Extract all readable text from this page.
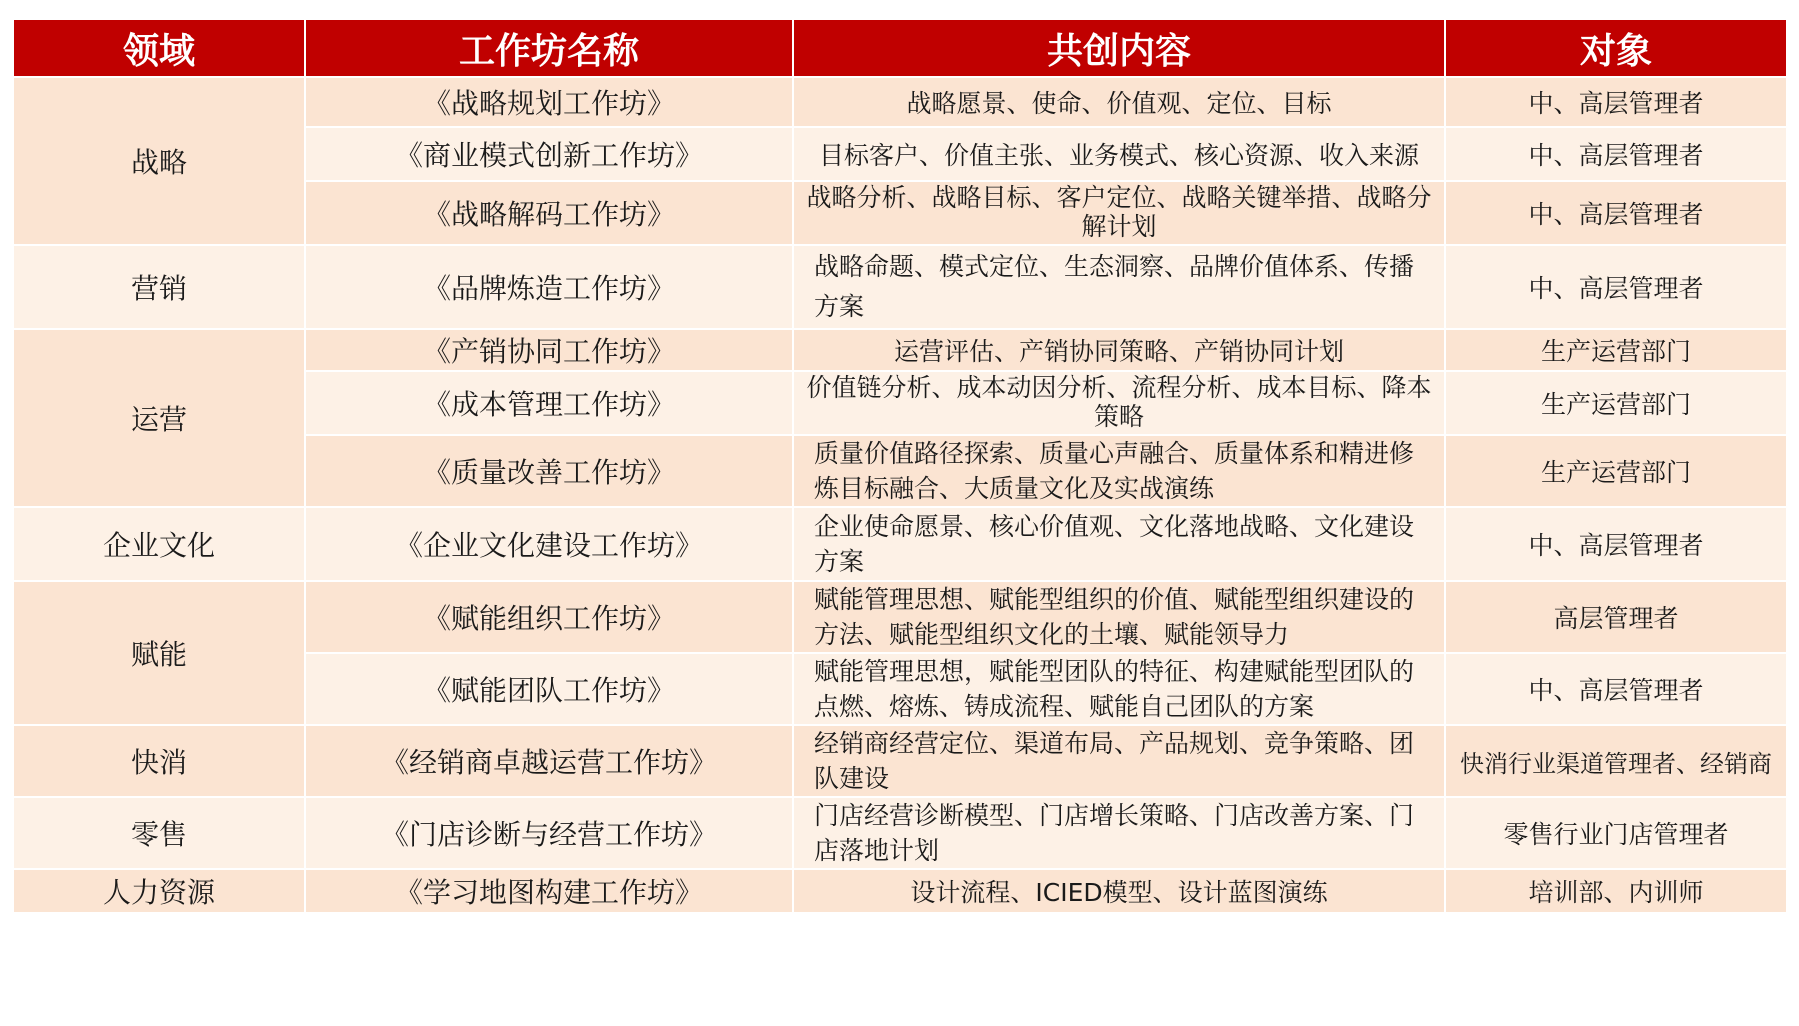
领域	工作坊名称	共创内容	对象
战略	《战略规划工作坊》	战略愿景、使命、价值观、定位、目标	中、高层管理者
	《商业模式创新工作坊》	目标客户、价值主张、业务模式、核心资源、收入来源	中、高层管理者
	《战略解码工作坊》	战略分析、战略目标、客户定位、战略关键举措、战略分解计划	中、高层管理者
营销	《品牌炼造工作坊》	战略命题、模式定位、生态洞察、品牌价值体系、传播方案	中、高层管理者
运营	《产销协同工作坊》	运营评估、产销协同策略、产销协同计划	生产运营部门
	《成本管理工作坊》	价值链分析、成本动因分析、流程分析、成本目标、降本策略	生产运营部门
	《质量改善工作坊》	质量价值路径探索、质量心声融合、质量体系和精进修炼目标融合、大质量文化及实战演练	生产运营部门
企业文化	《企业文化建设工作坊》	企业使命愿景、核心价值观、文化落地战略、文化建设方案	中、高层管理者
赋能	《赋能组织工作坊》	赋能管理思想、赋能型组织的价值、赋能型组织建设的方法、赋能型组织文化的土壤、赋能领导力	高层管理者
	《赋能团队工作坊》	赋能管理思想，赋能型团队的特征、构建赋能型团队的点燃、熔炼、铸成流程、赋能自己团队的方案	中、高层管理者
快消	《经销商卓越运营工作坊》	经销商经营定位、渠道布局、产品规划、竞争策略、团队建设	快消行业渠道管理者、经销商
零售	《门店诊断与经营工作坊》	门店经营诊断模型、门店增长策略、门店改善方案、门店落地计划	零售行业门店管理者
人力资源	《学习地图构建工作坊》	设计流程、ICIED模型、设计蓝图演练	培训部、内训师
